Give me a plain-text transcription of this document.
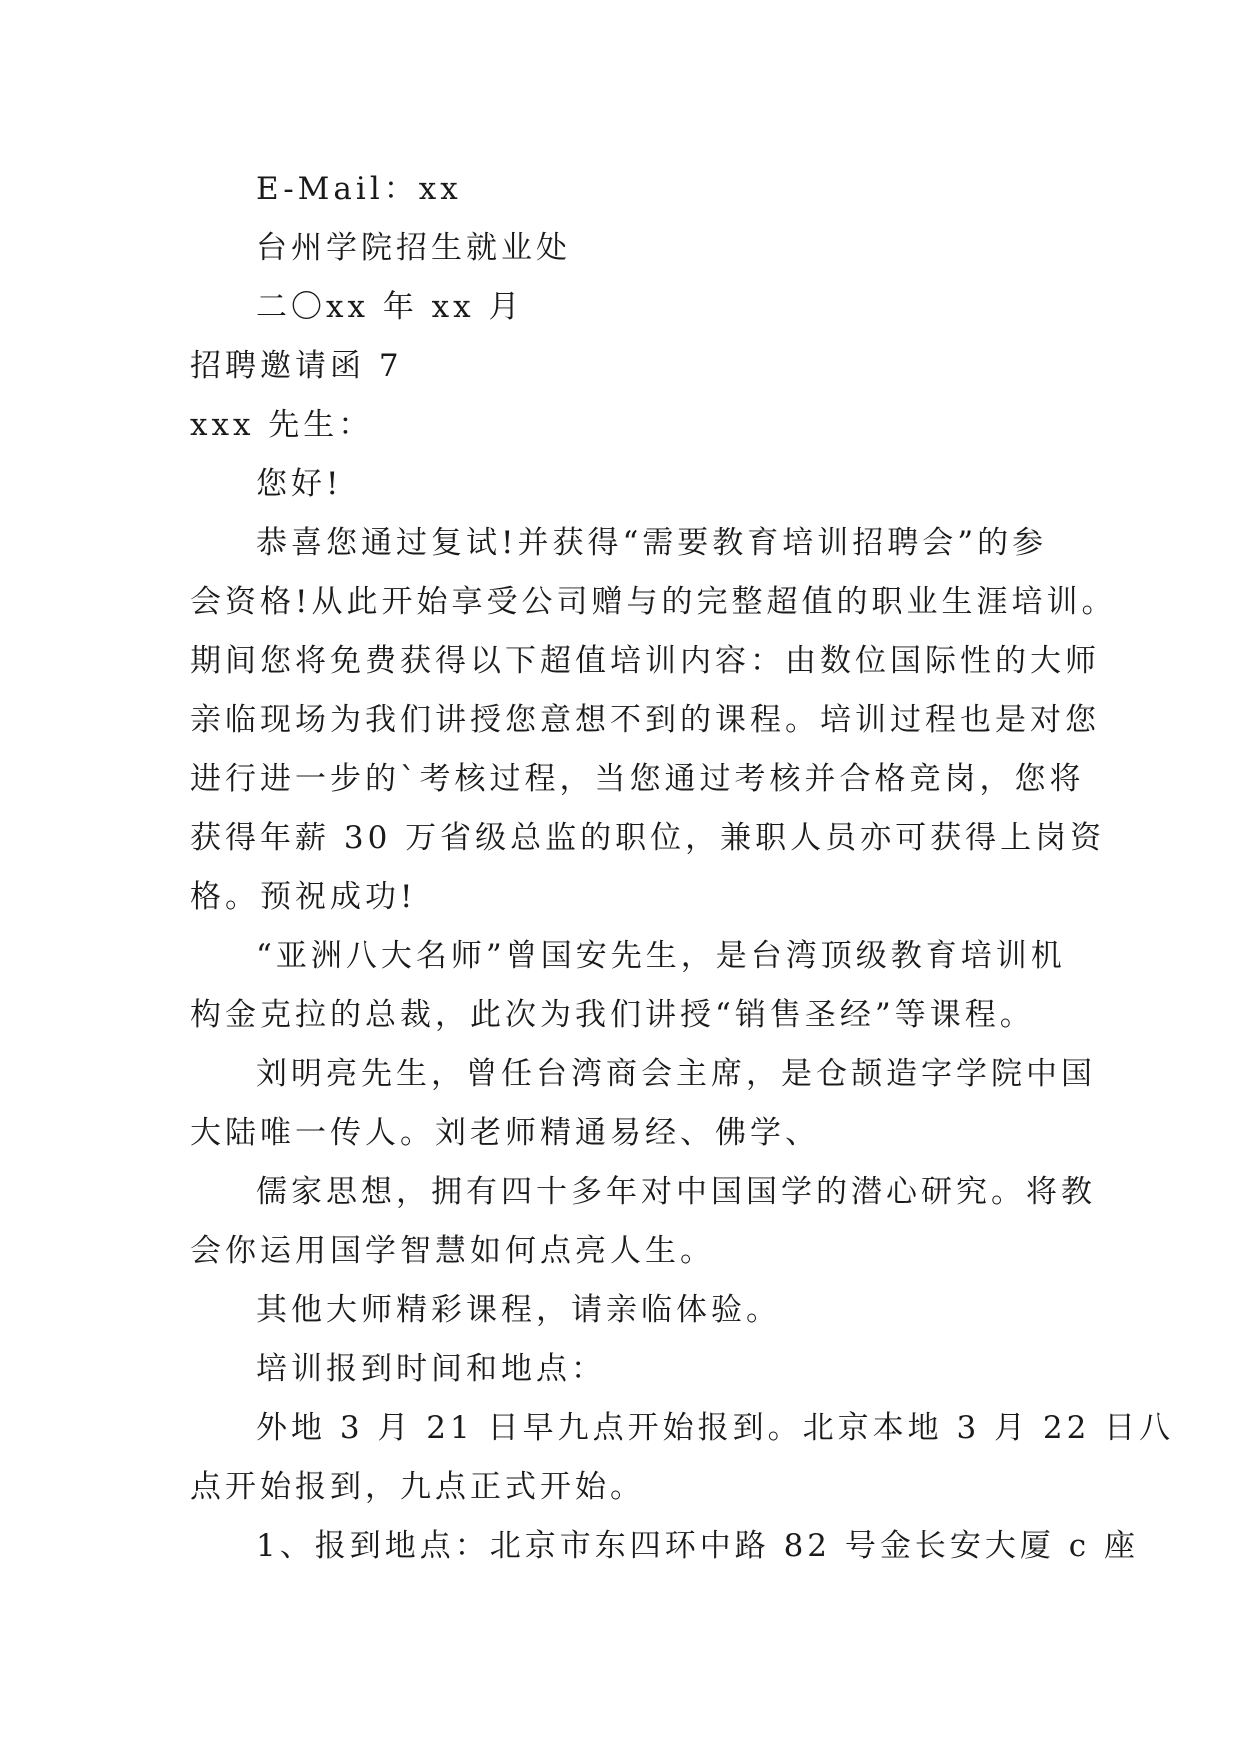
E-Mail：xx
台州学院招生就业处
二〇xx 年 xx 月
招聘邀请函 7
xxx 先生：
您好!
恭喜您通过复试!并获得“需要教育培训招聘会”的参
会资格!从此开始享受公司赠与的完整超值的职业生涯培训。
期间您将免费获得以下超值培训内容：由数位国际性的大师
亲临现场为我们讲授您意想不到的课程。培训过程也是对您
进行进一步的`考核过程，当您通过考核并合格竞岗，您将
获得年薪 30 万省级总监的职位，兼职人员亦可获得上岗资
格。预祝成功!
“亚洲八大名师”曾国安先生，是台湾顶级教育培训机
构金克拉的总裁，此次为我们讲授“销售圣经”等课程。
刘明亮先生，曾任台湾商会主席，是仓颉造字学院中国
大陆唯一传人。刘老师精通易经、佛学、
儒家思想，拥有四十多年对中国国学的潜心研究。将教
会你运用国学智慧如何点亮人生。
其他大师精彩课程，请亲临体验。
培训报到时间和地点：
外地 3 月 21 日早九点开始报到。北京本地 3 月 22 日八
点开始报到，九点正式开始。
1、报到地点：北京市东四环中路 82 号金长安大厦 c 座
